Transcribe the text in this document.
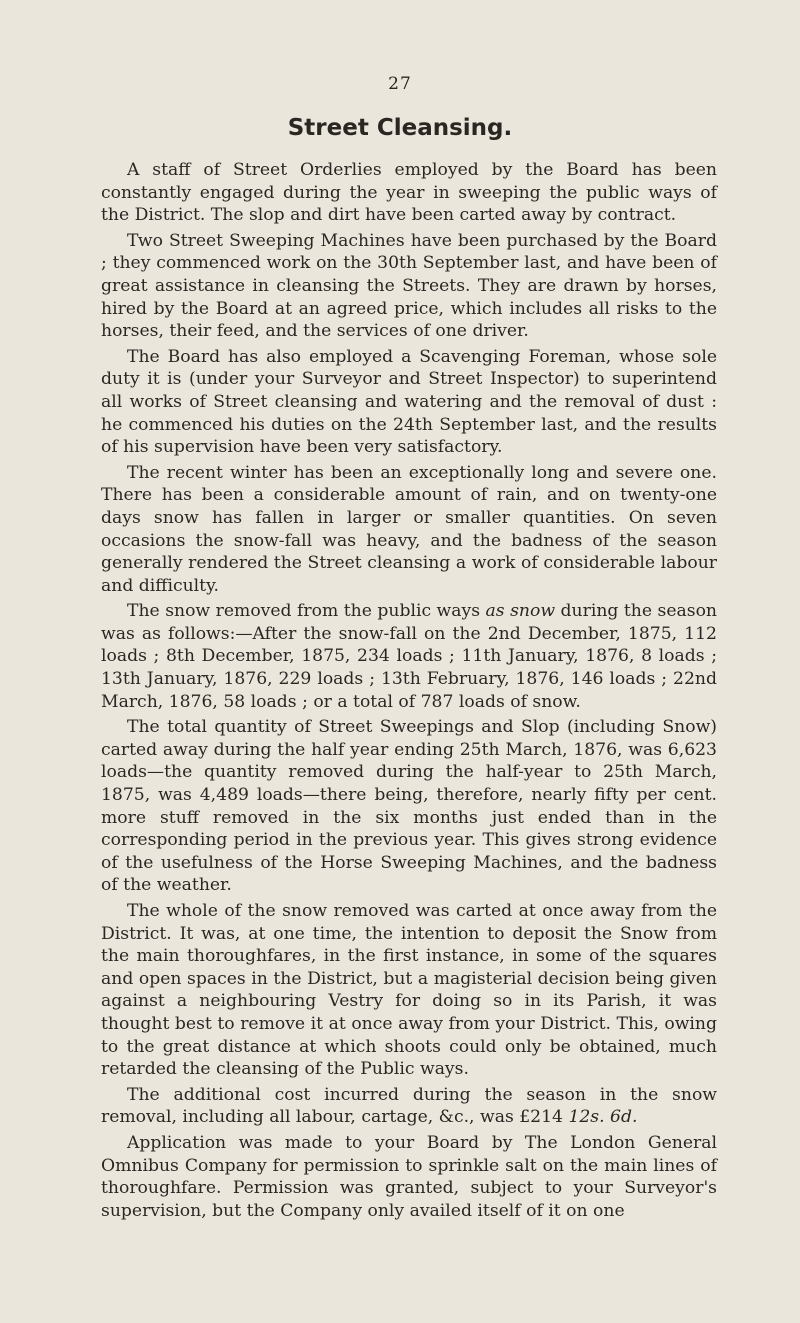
27
Street Cleansing.

A staff of Street Orderlies employed by the Board has been constantly engaged during the year in sweeping the public ways of the District. The slop and dirt have been carted away by contract.

Two Street Sweeping Machines have been purchased by the Board ; they commenced work on the 30th September last, and have been of great assistance in cleansing the Streets. They are drawn by horses, hired by the Board at an agreed price, which includes all risks to the horses, their feed, and the services of one driver.

The Board has also employed a Scavenging Foreman, whose sole duty it is (under your Surveyor and Street Inspector) to superintend all works of Street cleansing and watering and the removal of dust : he commenced his duties on the 24th September last, and the results of his supervision have been very satisfactory.

The recent winter has been an exceptionally long and severe one. There has been a considerable amount of rain, and on twenty-one days snow has fallen in larger or smaller quantities. On seven occasions the snow-fall was heavy, and the badness of the season generally rendered the Street cleansing a work of considerable labour and difficulty.

The snow removed from the public ways as snow during the season was as follows:—After the snow-fall on the 2nd December, 1875, 112 loads ; 8th December, 1875, 234 loads ; 11th January, 1876, 8 loads ; 13th January, 1876, 229 loads ; 13th February, 1876, 146 loads ; 22nd March, 1876, 58 loads ; or a total of 787 loads of snow.

The total quantity of Street Sweepings and Slop (including Snow) carted away during the half year ending 25th March, 1876, was 6,623 loads—the quantity removed during the half-year to 25th March, 1875, was 4,489 loads—there being, therefore, nearly fifty per cent. more stuff removed in the six months just ended than in the corresponding period in the previous year. This gives strong evidence of the usefulness of the Horse Sweeping Machines, and the badness of the weather.

The whole of the snow removed was carted at once away from the District. It was, at one time, the intention to deposit the Snow from the main thoroughfares, in the first instance, in some of the squares and open spaces in the District, but a magisterial decision being given against a neighbouring Vestry for doing so in its Parish, it was thought best to remove it at once away from your District. This, owing to the great distance at which shoots could only be obtained, much retarded the cleansing of the Public ways.

The additional cost incurred during the season in the snow removal, including all labour, cartage, &c., was £214 12s. 6d.

Application was made to your Board by The London General Omnibus Company for permission to sprinkle salt on the main lines of thoroughfare. Permission was granted, subject to your Surveyor's supervision, but the Company only availed itself of it on one
